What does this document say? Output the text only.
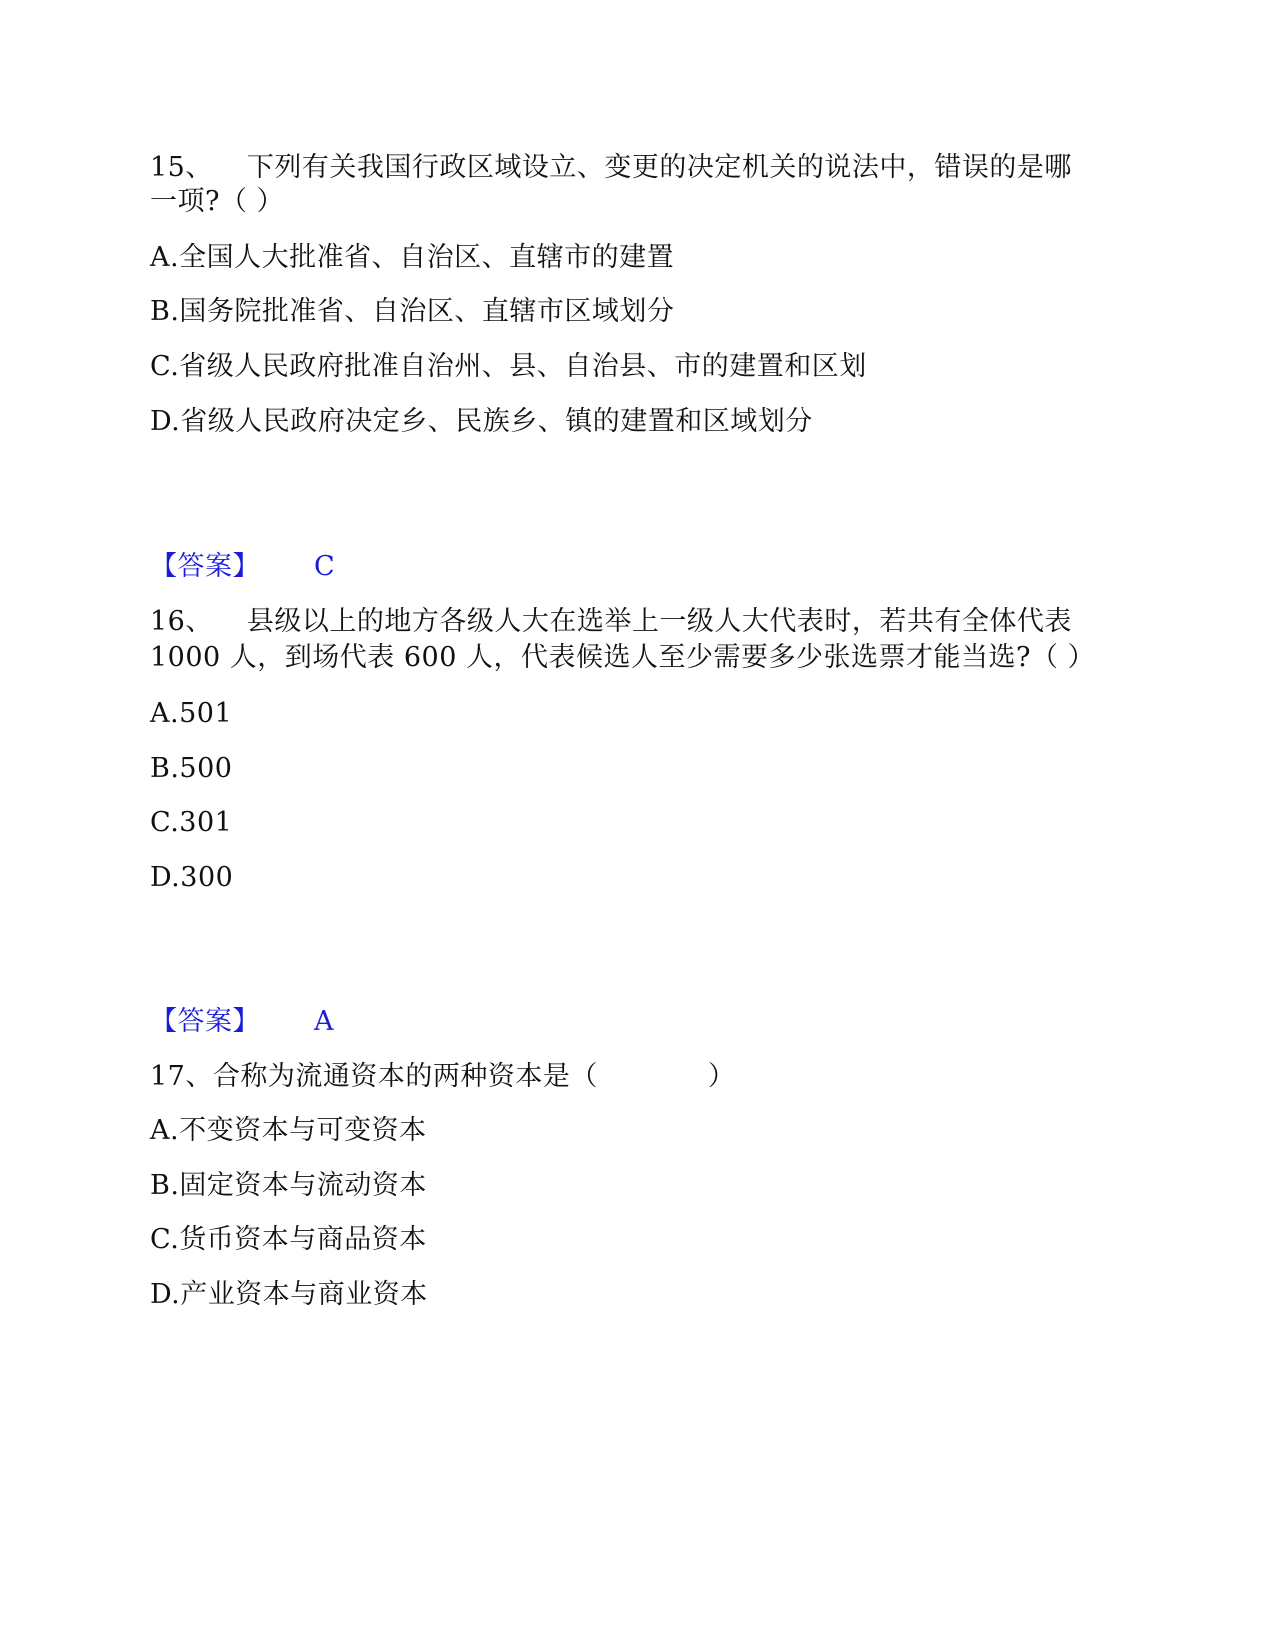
15、 下列有关我国行政区域设立、变更的决定机关的说法中，错误的是哪
一项?（ ）
A.全国人大批准省、自治区、直辖市的建置
B.国务院批准省、自治区、直辖市区域划分
C.省级人民政府批准自治州、县、自治县、市的建置和区划
D.省级人民政府决定乡、民族乡、镇的建置和区域划分
【答案】 C
16、 县级以上的地方各级人大在选举上一级人大代表时，若共有全体代表
1000 人，到场代表 600 人，代表候选人至少需要多少张选票才能当选?（ ）
A.501
B.500
C.301
D.300
【答案】 A
17、合称为流通资本的两种资本是（　　　　）
A.不变资本与可变资本
B.固定资本与流动资本
C.货币资本与商品资本
D.产业资本与商业资本
